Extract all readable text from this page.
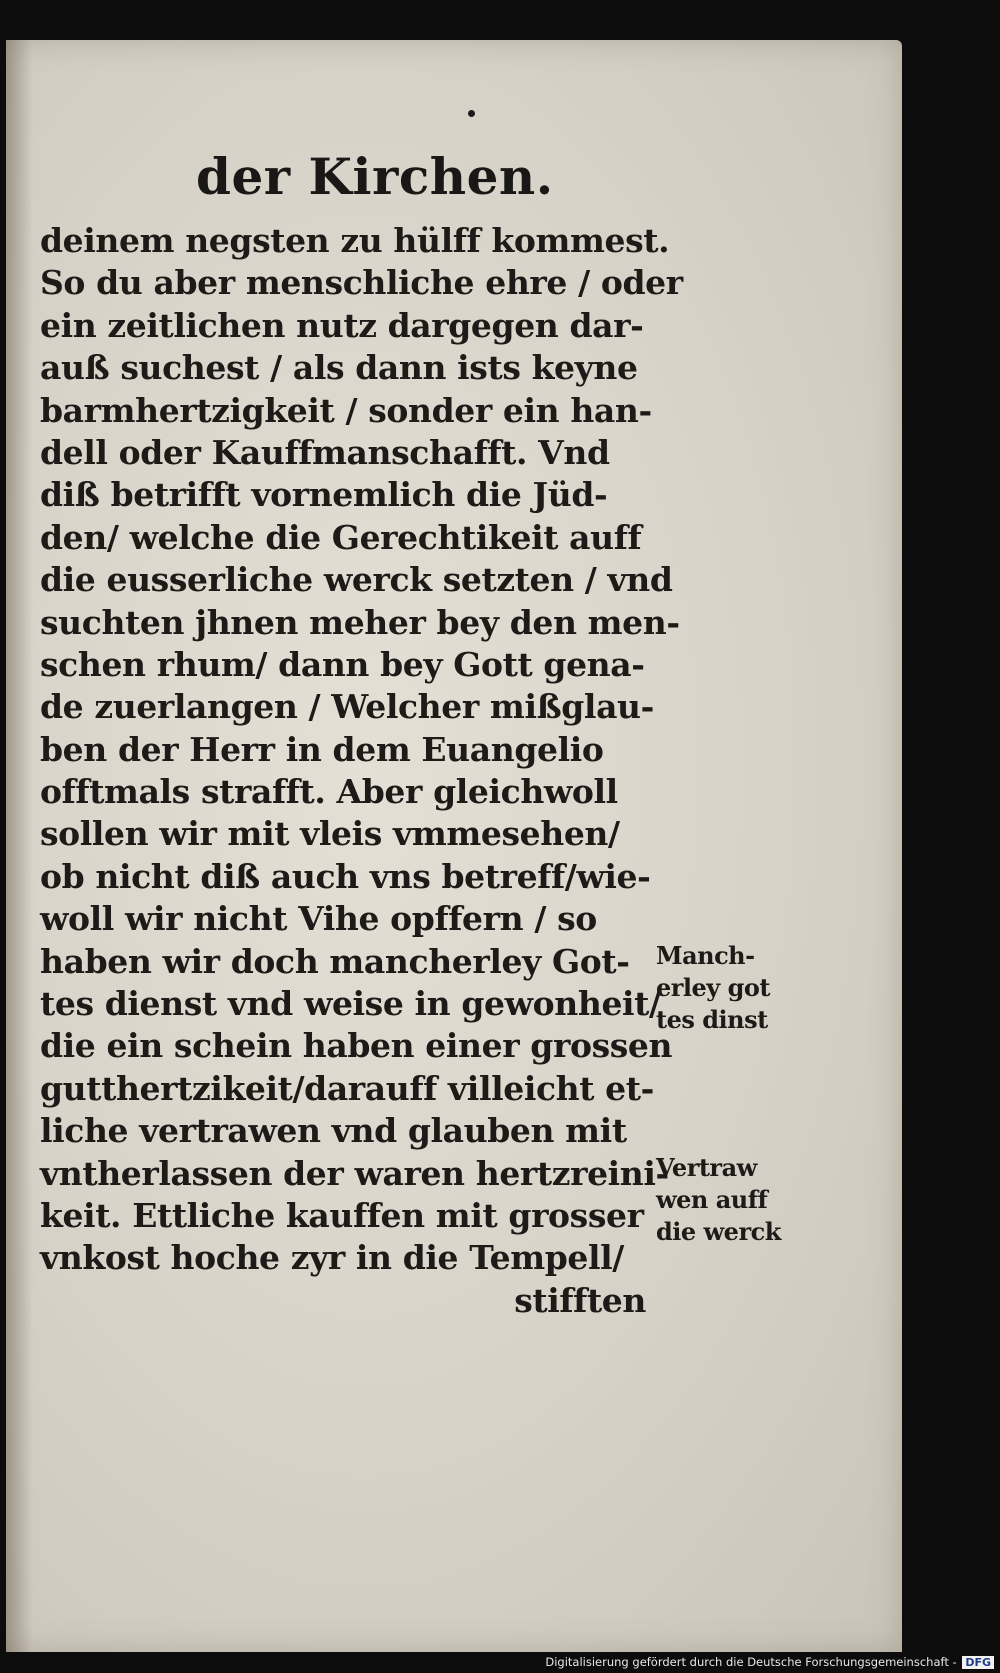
der Kirchen.
deinem negsten zu hülff kommest.
So du aber menschliche ehre / oder
ein zeitlichen nutz dargegen dar-
auß suchest / als dann ists keyne
barmhertzigkeit / sonder ein han-
dell oder Kauffmanschafft. Vnd
diß betrifft vornemlich die Jüd-
den/ welche die Gerechtikeit auff
die eusserliche werck setzten / vnd
suchten jhnen meher bey den men-
schen rhum/ dann bey Gott gena-
de zuerlangen / Welcher mißglau-
ben der Herr in dem Euangelio
offtmals strafft. Aber gleichwoll
sollen wir mit vleis vmmesehen/
ob nicht diß auch vns betreff/wie-
woll wir nicht Vihe opffern / so
haben wir doch mancherley Got-
tes dienst vnd weise in gewonheit/
die ein schein haben einer grossen
gutthertzikeit/darauff villeicht et-
liche vertrawen vnd glauben mit
vntherlassen der waren hertzreini-
keit. Ettliche kauffen mit grosser
vnkost hoche zyr in die Tempell/
stifften
Manch-
erley got
tes dinst
Vertraw
wen auff
die werck
Digitalisierung gefördert durch die Deutsche Forschungsgemeinschaft - DFG
